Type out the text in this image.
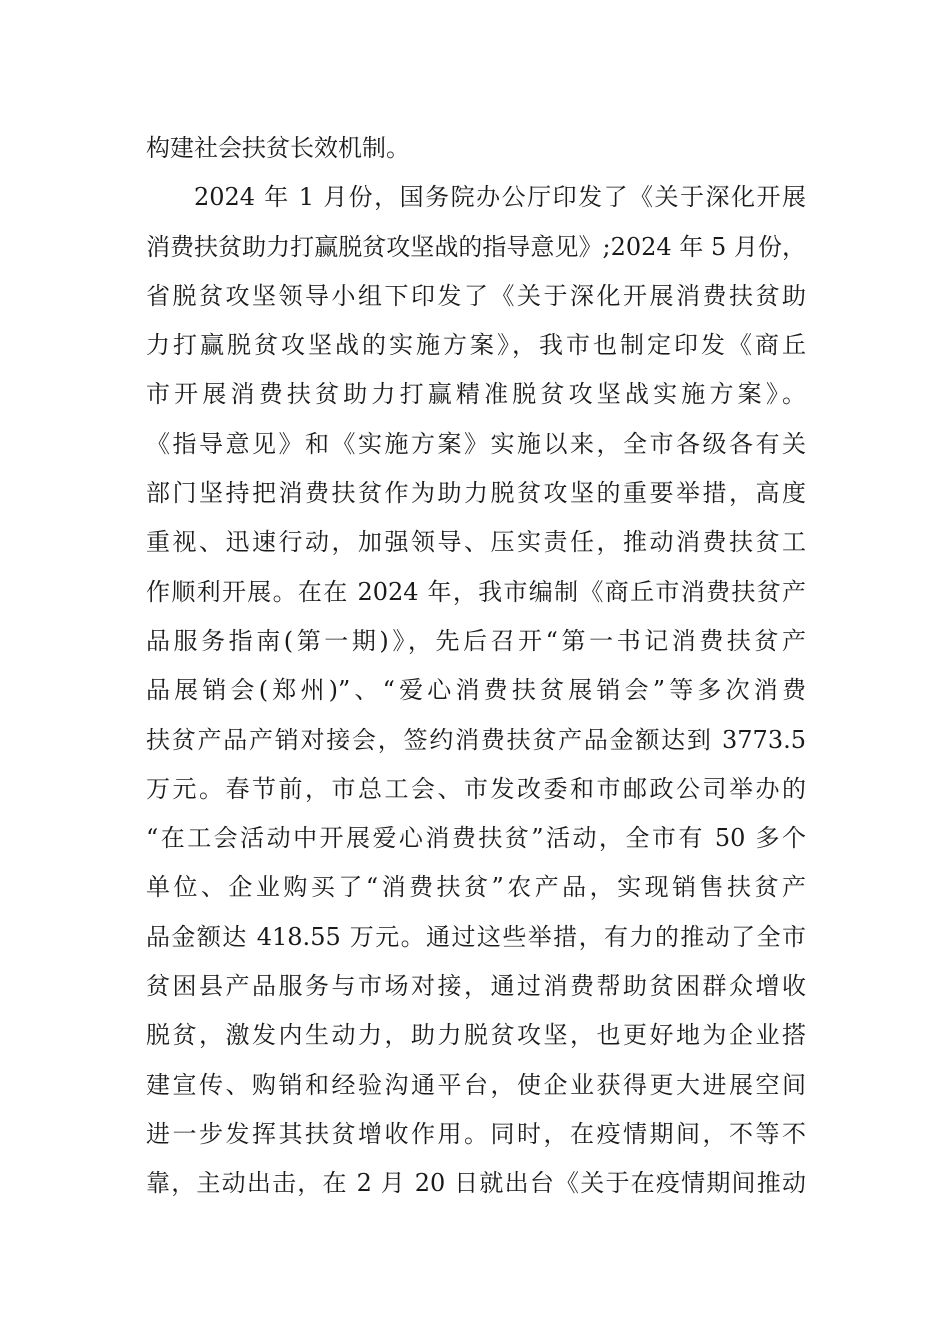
构建社会扶贫长效机制。
2024 年 1 月份，国务院办公厅印发了《关于深化开展
消费扶贫助力打赢脱贫攻坚战的指导意见》;2024 年 5 月份，
省脱贫攻坚领导小组下印发了《关于深化开展消费扶贫助
力打赢脱贫攻坚战的实施方案》，我市也制定印发《商丘
市开展消费扶贫助力打赢精准脱贫攻坚战实施方案》。
《指导意见》和《实施方案》实施以来，全市各级各有关
部门坚持把消费扶贫作为助力脱贫攻坚的重要举措，高度
重视、迅速行动，加强领导、压实责任，推动消费扶贫工
作顺利开展。在在 2024 年，我市编制《商丘市消费扶贫产
品服务指南(第一期)》，先后召开“第一书记消费扶贫产
品展销会(郑州)”、“爱心消费扶贫展销会”等多次消费
扶贫产品产销对接会，签约消费扶贫产品金额达到 3773.5
万元。春节前，市总工会、市发改委和市邮政公司举办的
“在工会活动中开展爱心消费扶贫”活动，全市有 50 多个
单位、企业购买了“消费扶贫”农产品，实现销售扶贫产
品金额达 418.55 万元。通过这些举措，有力的推动了全市
贫困县产品服务与市场对接，通过消费帮助贫困群众增收
脱贫，激发内生动力，助力脱贫攻坚，也更好地为企业搭
建宣传、购销和经验沟通平台，使企业获得更大进展空间
进一步发挥其扶贫增收作用。同时，在疫情期间，不等不
靠，主动出击，在 2 月 20 日就出台《关于在疫情期间推动
